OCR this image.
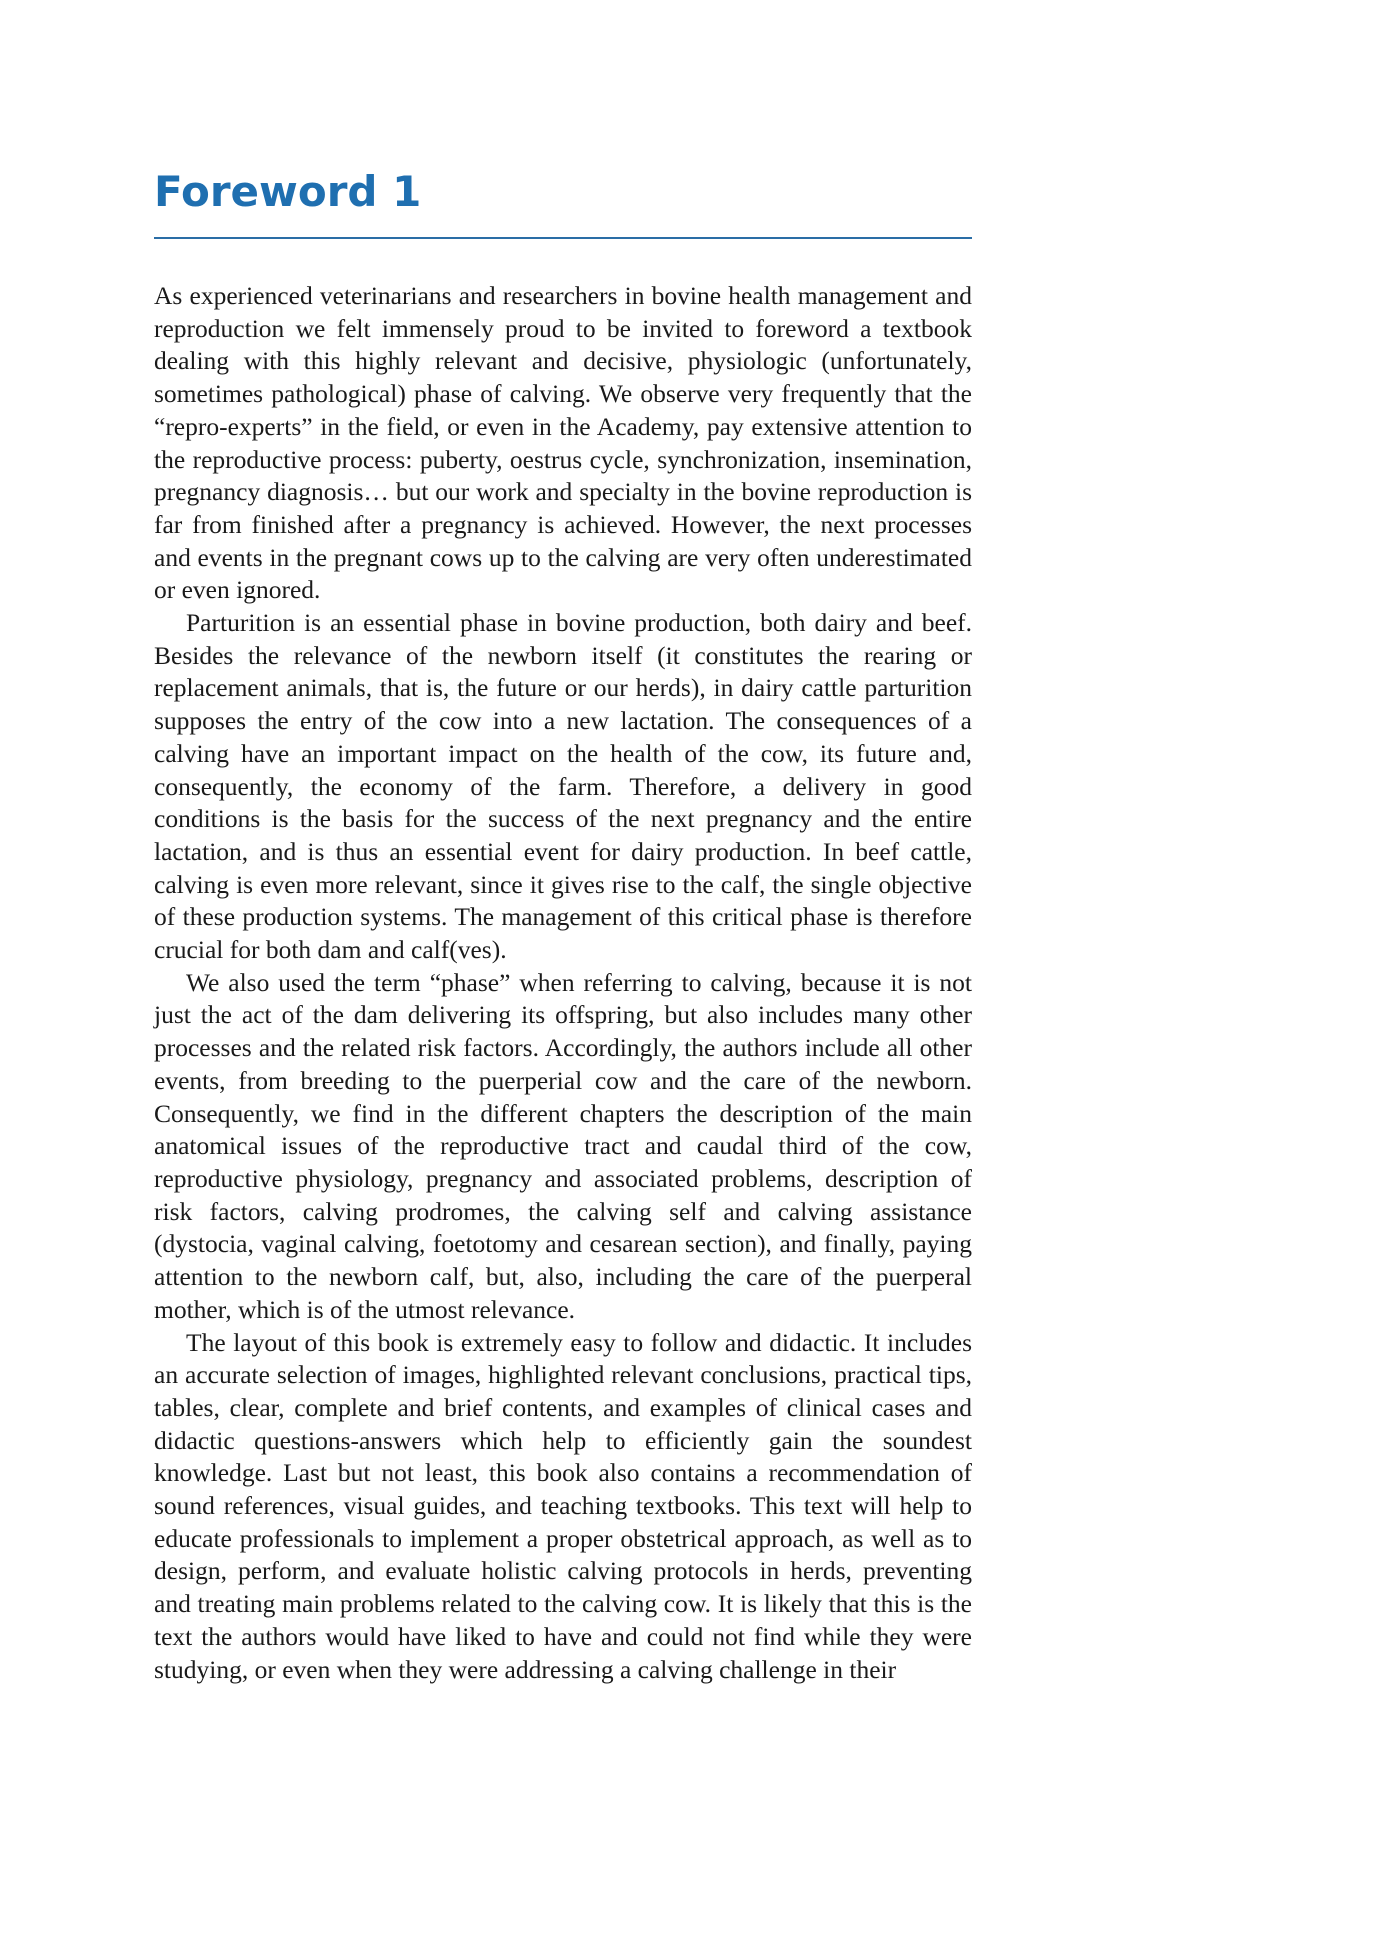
Foreword 1

As experienced veterinarians and researchers in bovine health management and reproduction we felt immensely proud to be invited to foreword a textbook dealing with this highly relevant and decisive, physiologic (unfortunately, sometimes pathological) phase of calving. We observe very frequently that the “repro-experts” in the field, or even in the Academy, pay extensive attention to the reproductive process: puberty, oestrus cycle, synchronization, insemination, pregnancy diagnosis… but our work and specialty in the bovine reproduction is far from finished after a pregnancy is achieved. However, the next processes and events in the pregnant cows up to the calving are very often underestimated or even ignored.

Parturition is an essential phase in bovine production, both dairy and beef. Besides the relevance of the newborn itself (it constitutes the rearing or replacement animals, that is, the future or our herds), in dairy cattle parturition supposes the entry of the cow into a new lactation. The consequences of a calving have an important impact on the health of the cow, its future and, consequently, the economy of the farm. Therefore, a delivery in good conditions is the basis for the success of the next pregnancy and the entire lactation, and is thus an essential event for dairy production. In beef cattle, calving is even more relevant, since it gives rise to the calf, the single objective of these production systems. The management of this critical phase is therefore crucial for both dam and calf(ves).

We also used the term “phase” when referring to calving, because it is not just the act of the dam delivering its offspring, but also includes many other processes and the related risk factors. Accordingly, the authors include all other events, from breeding to the puerperial cow and the care of the newborn. Consequently, we find in the different chapters the description of the main anatomical issues of the reproductive tract and caudal third of the cow, reproductive physiology, pregnancy and associated problems, description of risk factors, calving prodromes, the calving self and calving assistance (dystocia, vaginal calving, foetotomy and cesarean section), and finally, paying attention to the newborn calf, but, also, including the care of the puerperal mother, which is of the utmost relevance.

The layout of this book is extremely easy to follow and didactic. It includes an accurate selection of images, highlighted relevant conclusions, practical tips, tables, clear, complete and brief contents, and examples of clinical cases and didactic questions-answers which help to efficiently gain the soundest knowledge. Last but not least, this book also contains a recommendation of sound references, visual guides, and teaching textbooks. This text will help to educate professionals to implement a proper obstetrical approach, as well as to design, perform, and evaluate holistic calving protocols in herds, preventing and treating main problems related to the calving cow. It is likely that this is the text the authors would have liked to have and could not find while they were studying, or even when they were addressing a calving challenge in their
